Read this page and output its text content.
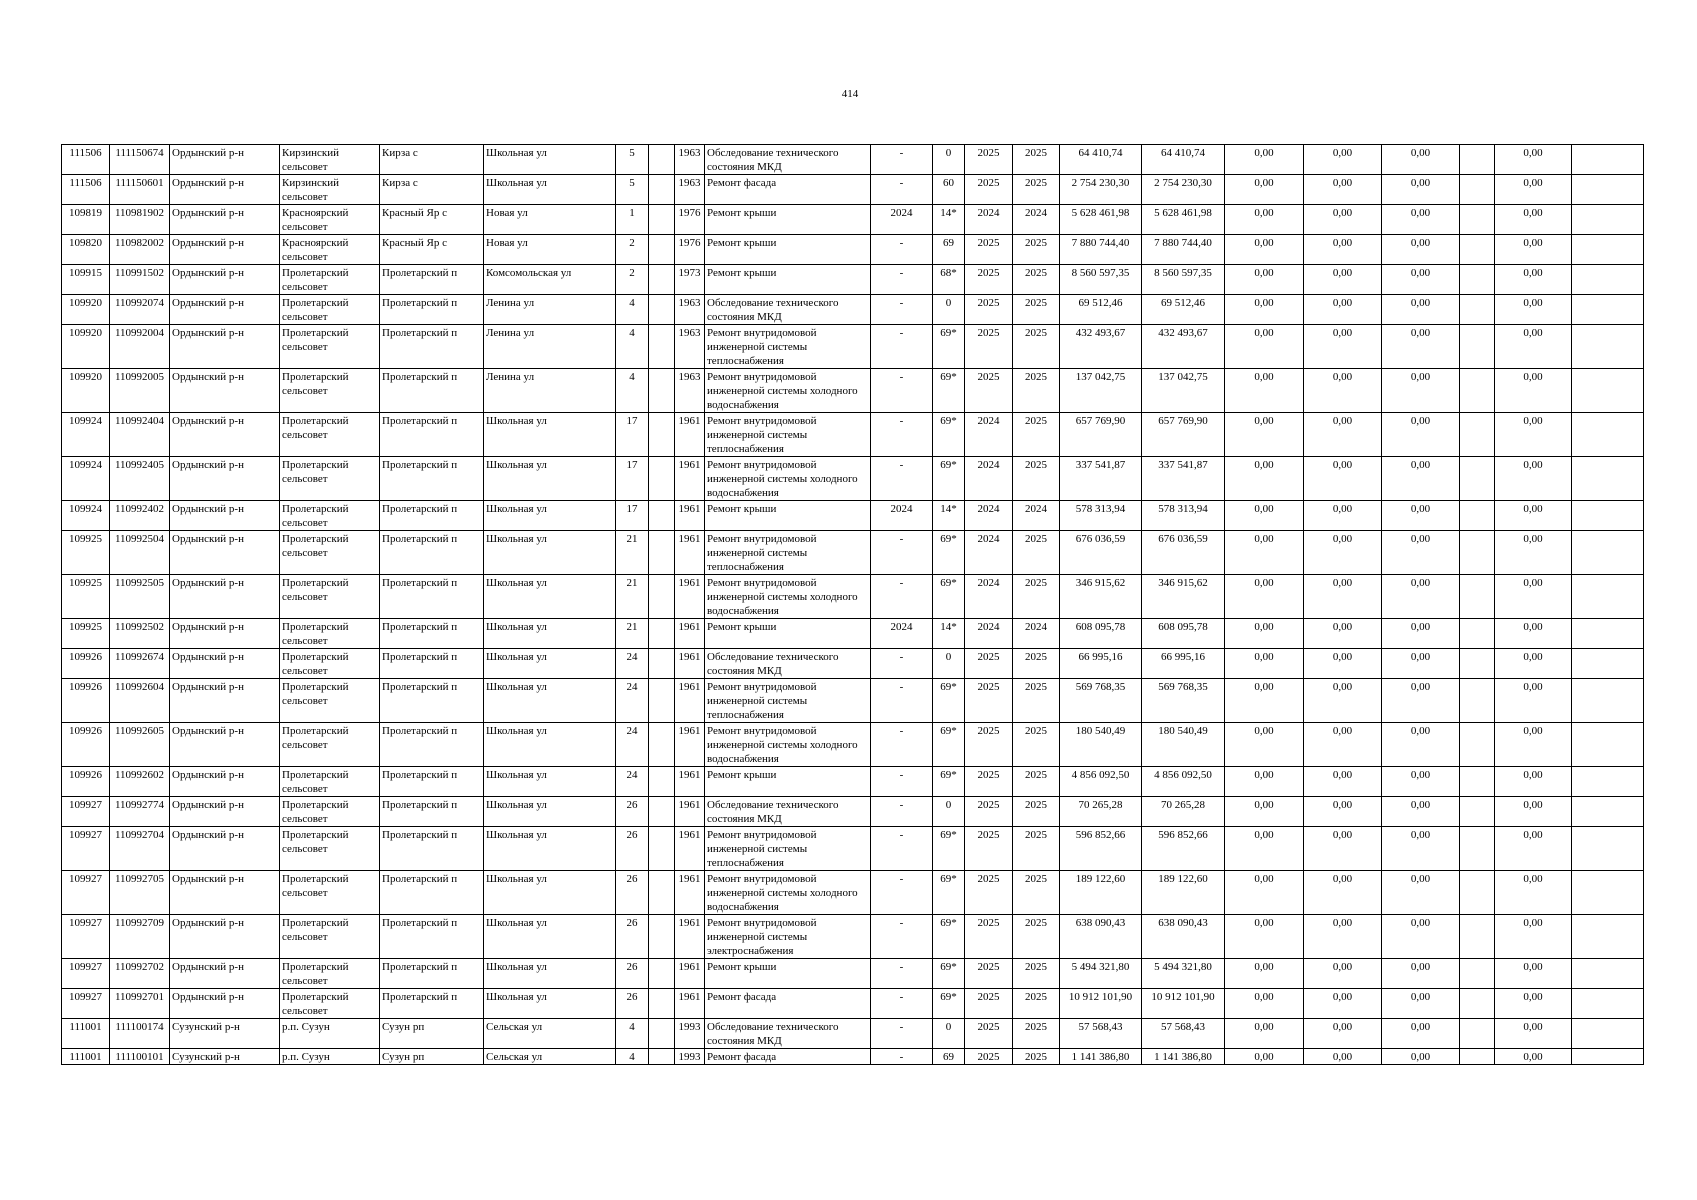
414
111506	111150674	Ордынский р-н	Кирзинский сельсовет	Кирза с	Школьная ул	5		1963	Обследование технического состояния МКД	-	0	2025	2025	64 410,74	64 410,74	0,00	0,00	0,00		0,00	
111506	111150601	Ордынский р-н	Кирзинский сельсовет	Кирза с	Школьная ул	5		1963	Ремонт фасада	-	60	2025	2025	2 754 230,30	2 754 230,30	0,00	0,00	0,00		0,00	
109819	110981902	Ордынский р-н	Красноярский сельсовет	Красный Яр с	Новая ул	1		1976	Ремонт крыши	2024	14*	2024	2024	5 628 461,98	5 628 461,98	0,00	0,00	0,00		0,00	
109820	110982002	Ордынский р-н	Красноярский сельсовет	Красный Яр с	Новая ул	2		1976	Ремонт крыши	-	69	2025	2025	7 880 744,40	7 880 744,40	0,00	0,00	0,00		0,00	
109915	110991502	Ордынский р-н	Пролетарский сельсовет	Пролетарский п	Комсомольская ул	2		1973	Ремонт крыши	-	68*	2025	2025	8 560 597,35	8 560 597,35	0,00	0,00	0,00		0,00	
109920	110992074	Ордынский р-н	Пролетарский сельсовет	Пролетарский п	Ленина ул	4		1963	Обследование технического состояния МКД	-	0	2025	2025	69 512,46	69 512,46	0,00	0,00	0,00		0,00	
109920	110992004	Ордынский р-н	Пролетарский сельсовет	Пролетарский п	Ленина ул	4		1963	Ремонт внутридомовой инженерной системы теплоснабжения	-	69*	2025	2025	432 493,67	432 493,67	0,00	0,00	0,00		0,00	
109920	110992005	Ордынский р-н	Пролетарский сельсовет	Пролетарский п	Ленина ул	4		1963	Ремонт внутридомовой инженерной системы холодного водоснабжения	-	69*	2025	2025	137 042,75	137 042,75	0,00	0,00	0,00		0,00	
109924	110992404	Ордынский р-н	Пролетарский сельсовет	Пролетарский п	Школьная ул	17		1961	Ремонт внутридомовой инженерной системы теплоснабжения	-	69*	2024	2025	657 769,90	657 769,90	0,00	0,00	0,00		0,00	
109924	110992405	Ордынский р-н	Пролетарский сельсовет	Пролетарский п	Школьная ул	17		1961	Ремонт внутридомовой инженерной системы холодного водоснабжения	-	69*	2024	2025	337 541,87	337 541,87	0,00	0,00	0,00		0,00	
109924	110992402	Ордынский р-н	Пролетарский сельсовет	Пролетарский п	Школьная ул	17		1961	Ремонт крыши	2024	14*	2024	2024	578 313,94	578 313,94	0,00	0,00	0,00		0,00	
109925	110992504	Ордынский р-н	Пролетарский сельсовет	Пролетарский п	Школьная ул	21		1961	Ремонт внутридомовой инженерной системы теплоснабжения	-	69*	2024	2025	676 036,59	676 036,59	0,00	0,00	0,00		0,00	
109925	110992505	Ордынский р-н	Пролетарский сельсовет	Пролетарский п	Школьная ул	21		1961	Ремонт внутридомовой инженерной системы холодного водоснабжения	-	69*	2024	2025	346 915,62	346 915,62	0,00	0,00	0,00		0,00	
109925	110992502	Ордынский р-н	Пролетарский сельсовет	Пролетарский п	Школьная ул	21		1961	Ремонт крыши	2024	14*	2024	2024	608 095,78	608 095,78	0,00	0,00	0,00		0,00	
109926	110992674	Ордынский р-н	Пролетарский сельсовет	Пролетарский п	Школьная ул	24		1961	Обследование технического состояния МКД	-	0	2025	2025	66 995,16	66 995,16	0,00	0,00	0,00		0,00	
109926	110992604	Ордынский р-н	Пролетарский сельсовет	Пролетарский п	Школьная ул	24		1961	Ремонт внутридомовой инженерной системы теплоснабжения	-	69*	2025	2025	569 768,35	569 768,35	0,00	0,00	0,00		0,00	
109926	110992605	Ордынский р-н	Пролетарский сельсовет	Пролетарский п	Школьная ул	24		1961	Ремонт внутридомовой инженерной системы холодного водоснабжения	-	69*	2025	2025	180 540,49	180 540,49	0,00	0,00	0,00		0,00	
109926	110992602	Ордынский р-н	Пролетарский сельсовет	Пролетарский п	Школьная ул	24		1961	Ремонт крыши	-	69*	2025	2025	4 856 092,50	4 856 092,50	0,00	0,00	0,00		0,00	
109927	110992774	Ордынский р-н	Пролетарский сельсовет	Пролетарский п	Школьная ул	26		1961	Обследование технического состояния МКД	-	0	2025	2025	70 265,28	70 265,28	0,00	0,00	0,00		0,00	
109927	110992704	Ордынский р-н	Пролетарский сельсовет	Пролетарский п	Школьная ул	26		1961	Ремонт внутридомовой инженерной системы теплоснабжения	-	69*	2025	2025	596 852,66	596 852,66	0,00	0,00	0,00		0,00	
109927	110992705	Ордынский р-н	Пролетарский сельсовет	Пролетарский п	Школьная ул	26		1961	Ремонт внутридомовой инженерной системы холодного водоснабжения	-	69*	2025	2025	189 122,60	189 122,60	0,00	0,00	0,00		0,00	
109927	110992709	Ордынский р-н	Пролетарский сельсовет	Пролетарский п	Школьная ул	26		1961	Ремонт внутридомовой инженерной системы электроснабжения	-	69*	2025	2025	638 090,43	638 090,43	0,00	0,00	0,00		0,00	
109927	110992702	Ордынский р-н	Пролетарский сельсовет	Пролетарский п	Школьная ул	26		1961	Ремонт крыши	-	69*	2025	2025	5 494 321,80	5 494 321,80	0,00	0,00	0,00		0,00	
109927	110992701	Ордынский р-н	Пролетарский сельсовет	Пролетарский п	Школьная ул	26		1961	Ремонт фасада	-	69*	2025	2025	10 912 101,90	10 912 101,90	0,00	0,00	0,00		0,00	
111001	111100174	Сузунский р-н	р.п. Сузун	Сузун рп	Сельская ул	4		1993	Обследование технического состояния МКД	-	0	2025	2025	57 568,43	57 568,43	0,00	0,00	0,00		0,00	
111001	111100101	Сузунский р-н	р.п. Сузун	Сузун рп	Сельская ул	4		1993	Ремонт фасада	-	69	2025	2025	1 141 386,80	1 141 386,80	0,00	0,00	0,00		0,00	
